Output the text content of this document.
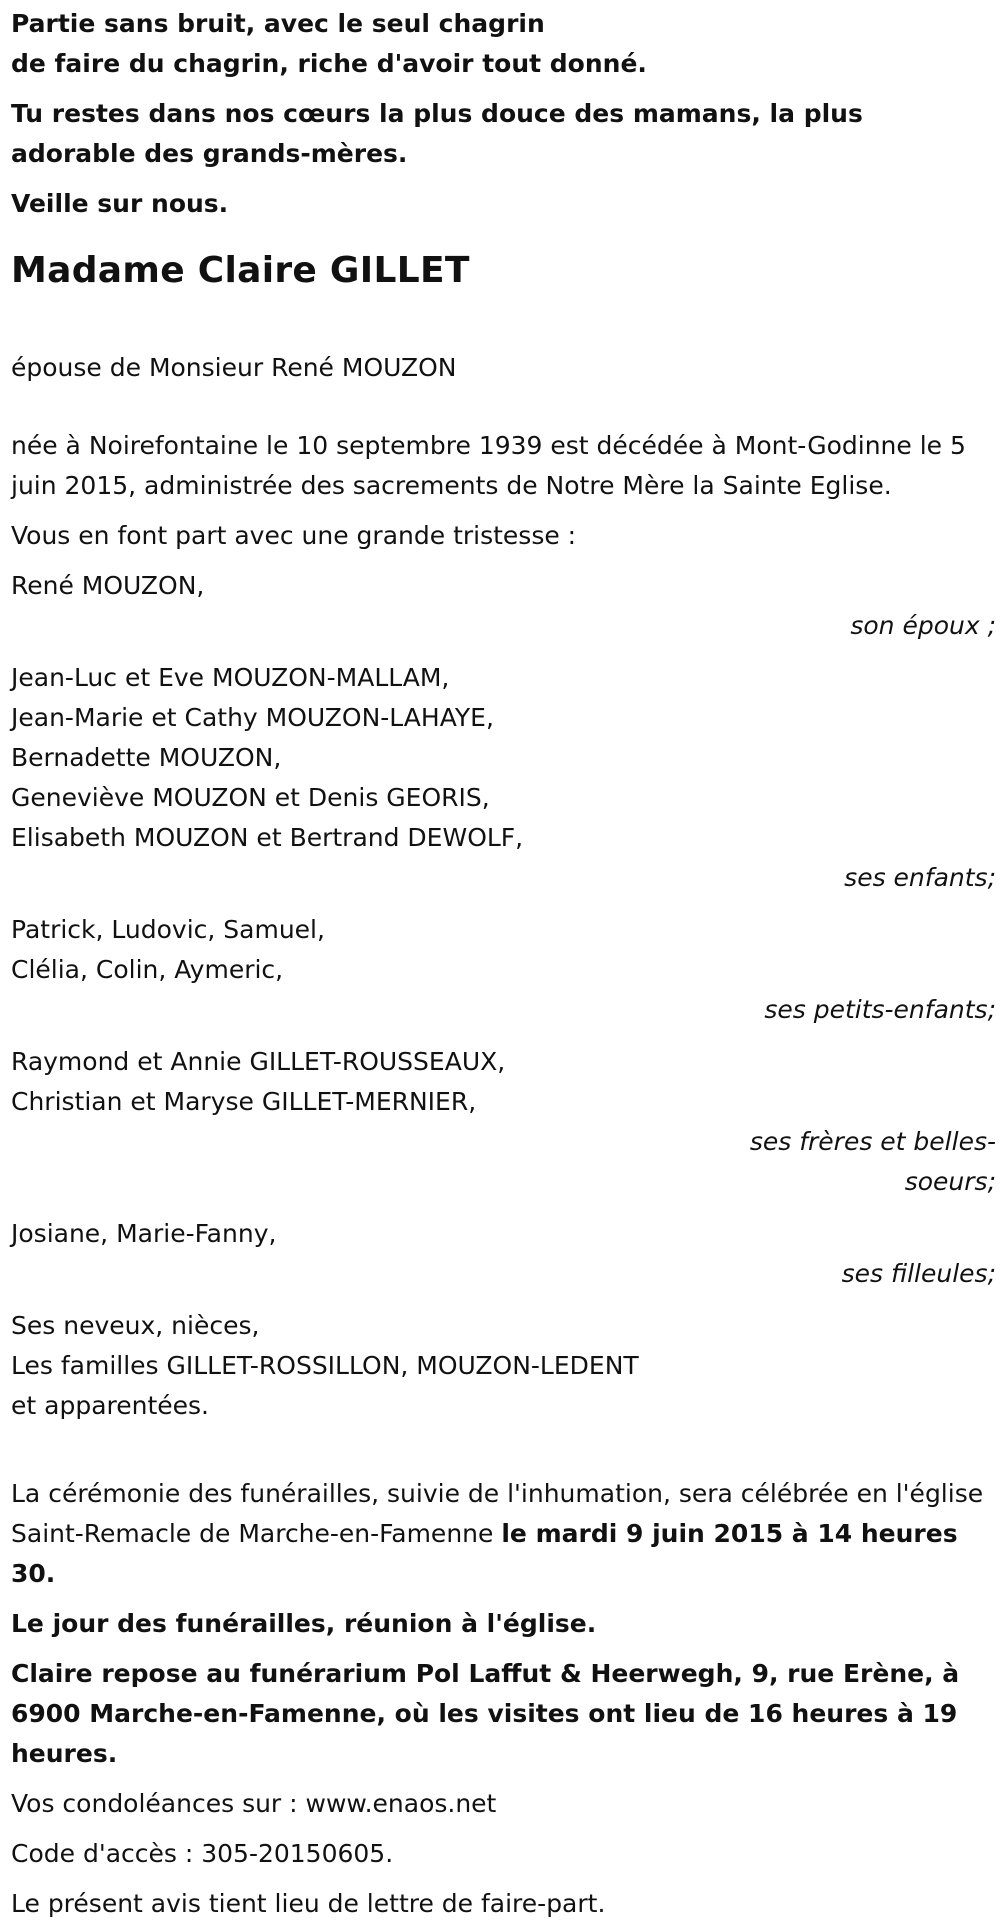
Partie sans bruit, avec le seul chagrin

de faire du chagrin, riche d'avoir tout donné.

Tu restes dans nos cœurs la plus douce des mamans, la plus adorable des grands-mères.

Veille sur nous.

Madame Claire GILLET

épouse de Monsieur René MOUZON

née à Noirefontaine le 10 septembre 1939 est décédée à Mont-Godinne le 5 juin 2015, administrée des sacrements de Notre Mère la Sainte Eglise.

Vous en font part avec une grande tristesse :

René MOUZON,

son époux ;

Jean-Luc et Eve MOUZON-MALLAM,

Jean-Marie et Cathy MOUZON-LAHAYE,

Bernadette MOUZON,

Geneviève MOUZON et Denis GEORIS,

Elisabeth MOUZON et Bertrand DEWOLF,

ses enfants;

Patrick, Ludovic, Samuel,

Clélia, Colin, Aymeric,

ses petits-enfants;

Raymond et Annie GILLET-ROUSSEAUX,

Christian et Maryse GILLET-MERNIER,

ses frères et belles-soeurs;

Josiane, Marie-Fanny,

ses filleules;

Ses neveux, nièces,

Les familles GILLET-ROSSILLON, MOUZON-LEDENT

et apparentées.

La cérémonie des funérailles, suivie de l'inhumation, sera célébrée en l'église Saint-Remacle de Marche-en-Famenne le mardi 9 juin 2015 à 14 heures 30.

Le jour des funérailles, réunion à l'église.

Claire repose au funérarium Pol Laffut & Heerwegh, 9, rue Erène, à 6900 Marche-en-Famenne, où les visites ont lieu de 16 heures à 19 heures.

Vos condoléances sur : www.enaos.net

Code d'accès : 305-20150605.

Le présent avis tient lieu de lettre de faire-part.
